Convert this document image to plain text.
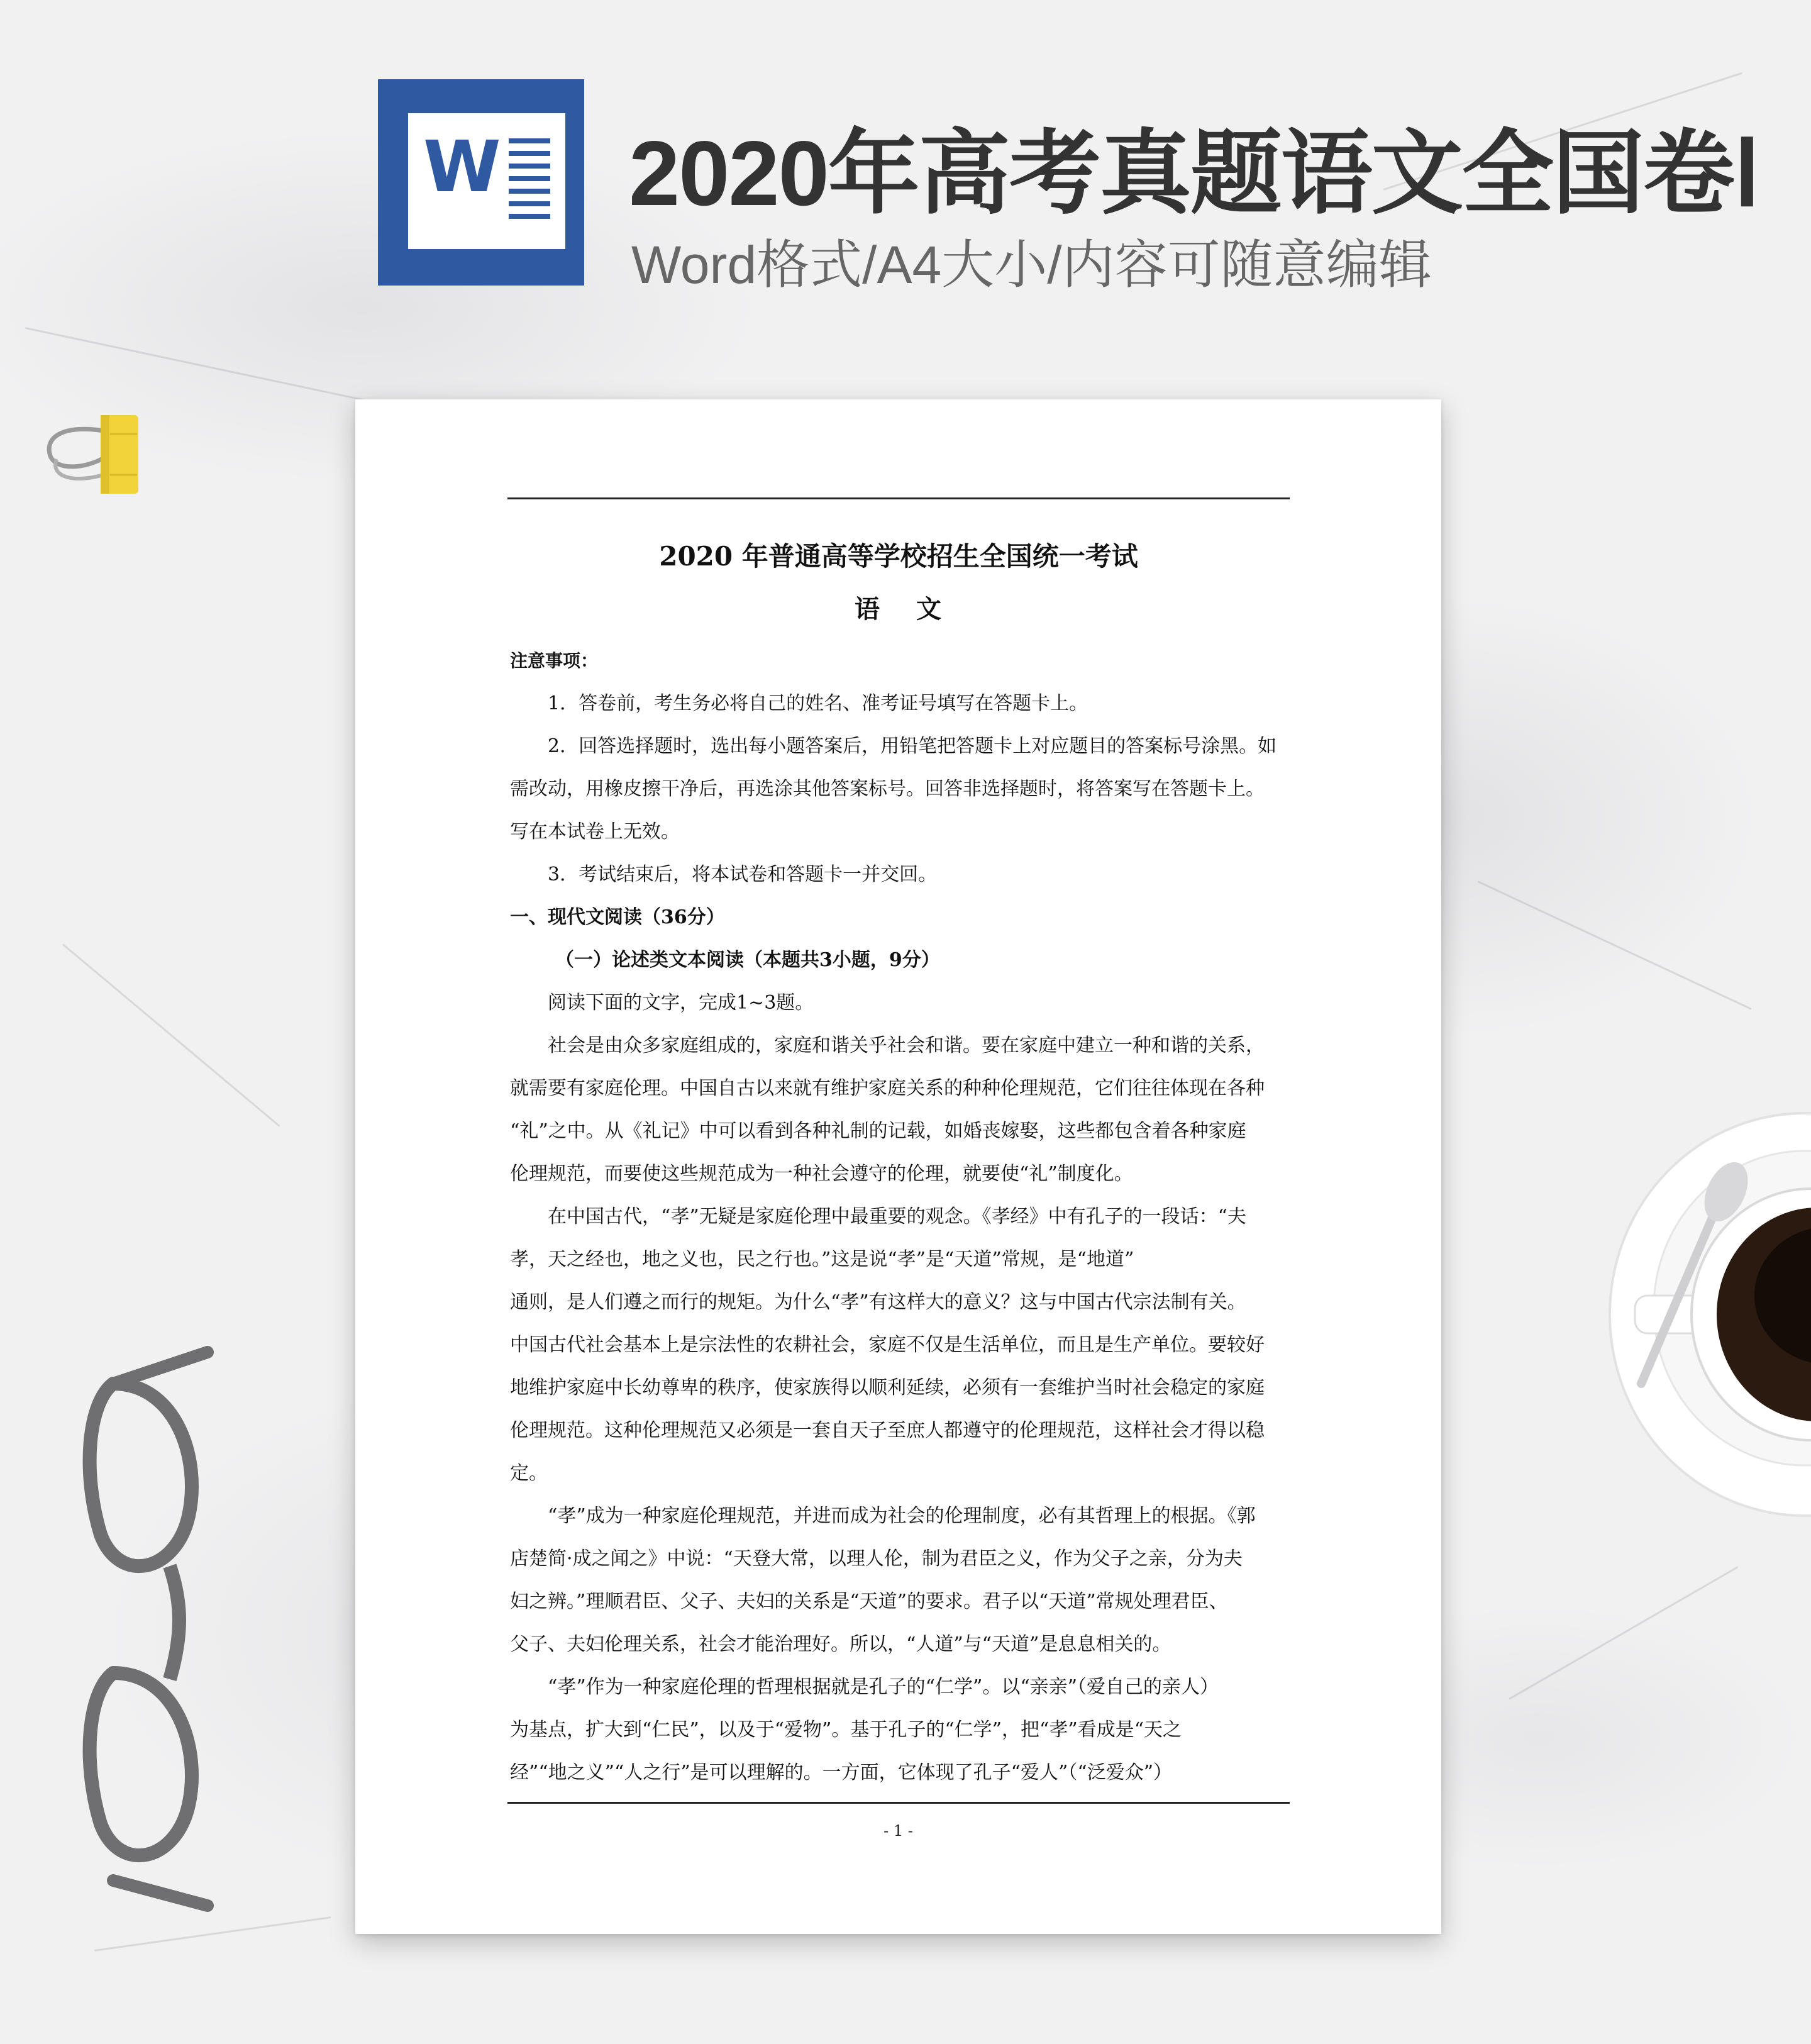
W 2020年高考真题语文全国卷Ⅰ
Word格式/A4大小/内容可随意编辑
2020 年普通高等学校招生全国统一考试
语 文
注意事项：
1．答卷前，考生务必将自己的姓名、准考证号填写在答题卡上。
2．回答选择题时，选出每小题答案后，用铅笔把答题卡上对应题目的答案标号涂黑。如
需改动，用橡皮擦干净后，再选涂其他答案标号。回答非选择题时，将答案写在答题卡上。
写在本试卷上无效。
3．考试结束后，将本试卷和答题卡一并交回。
一、现代文阅读（36分）
（一）论述类文本阅读（本题共3小题，9分）
阅读下面的文字，完成1~3题。
社会是由众多家庭组成的，家庭和谐关乎社会和谐。要在家庭中建立一种和谐的关系，
就需要有家庭伦理。中国自古以来就有维护家庭关系的种种伦理规范，它们往往体现在各种
“礼”之中。从《礼记》中可以看到各种礼制的记载，如婚丧嫁娶，这些都包含着各种家庭
伦理规范，而要使这些规范成为一种社会遵守的伦理，就要使“礼”制度化。
在中国古代，“孝”无疑是家庭伦理中最重要的观念。《孝经》中有孔子的一段话：“夫
孝，天之经也，地之义也，民之行也。”这是说“孝”是“天道”常规，是“地道”
通则，是人们遵之而行的规矩。为什么“孝”有这样大的意义？这与中国古代宗法制有关。
中国古代社会基本上是宗法性的农耕社会，家庭不仅是生活单位，而且是生产单位。要较好
地维护家庭中长幼尊卑的秩序，使家族得以顺利延续，必须有一套维护当时社会稳定的家庭
伦理规范。这种伦理规范又必须是一套自天子至庶人都遵守的伦理规范，这样社会才得以稳
定。
“孝”成为一种家庭伦理规范，并进而成为社会的伦理制度，必有其哲理上的根据。《郭
店楚简·成之闻之》中说：“天登大常，以理人伦，制为君臣之义，作为父子之亲，分为夫
妇之辨。”理顺君臣、父子、夫妇的关系是“天道”的要求。君子以“天道”常规处理君臣、
父子、夫妇伦理关系，社会才能治理好。所以，“人道”与“天道”是息息相关的。
“孝”作为一种家庭伦理的哲理根据就是孔子的“仁学”。以“亲亲”（爱自己的亲人）
为基点，扩大到“仁民”，以及于“爱物”。基于孔子的“仁学”，把“孝”看成是“天之
经”“地之义”“人之行”是可以理解的。一方面，它体现了孔子“爱人”（“泛爱众”）
- 1 -
